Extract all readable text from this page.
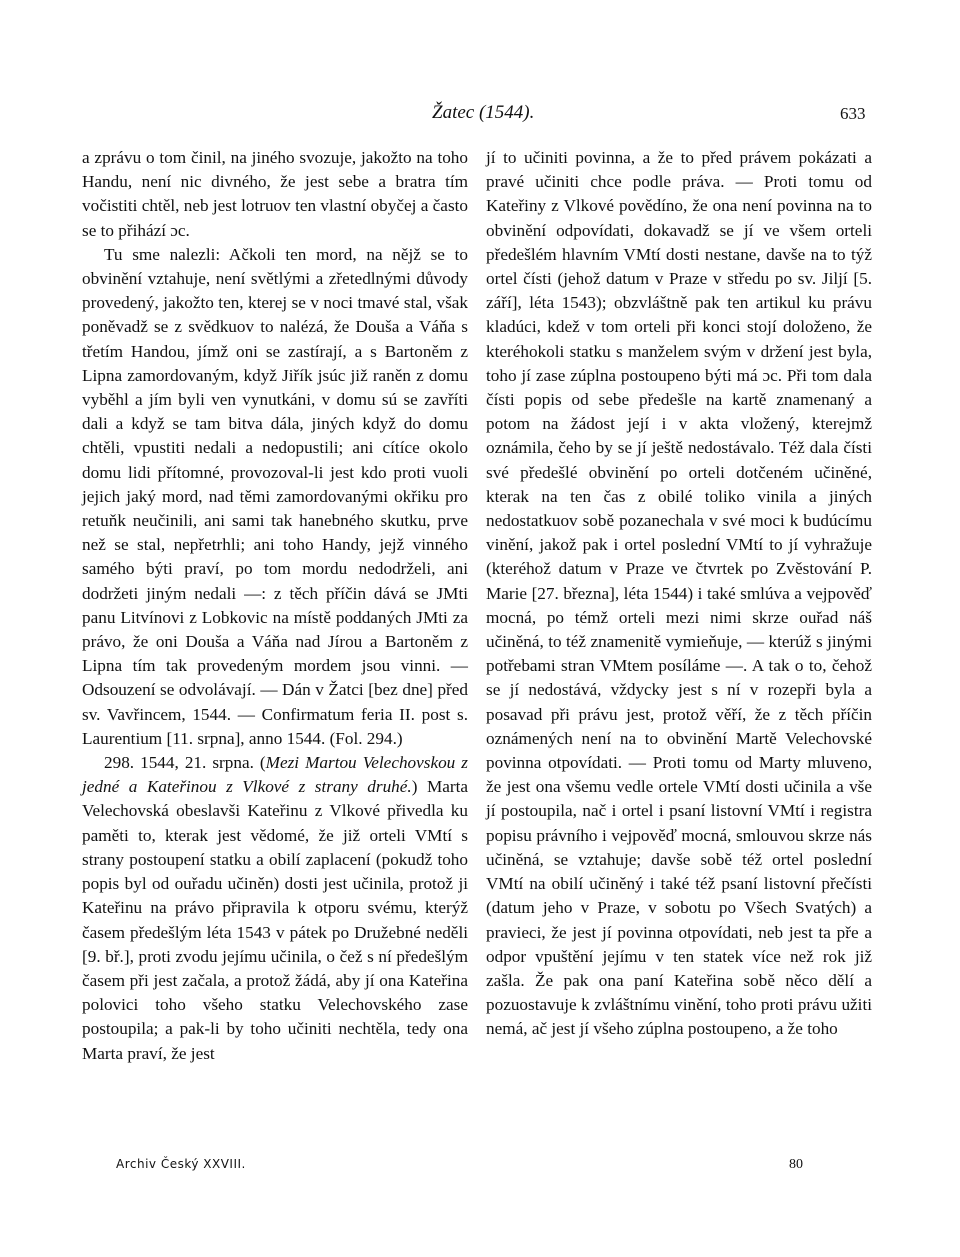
Žatec (1544).	633

a zprávu o tom činil, na jiného svozuje, jakožto na toho Handu, není nic divného, že jest sebe a bratra tím vočistiti chtěl, neb jest lotruov ten vlastní obyčej a často se to přihází ɔc.

Tu sme nalezli: Ačkoli ten mord, na nějž se to obvinění vztahuje, není světlými a zřetedlnými důvody provedený, jakožto ten, kterej se v noci tmavé stal, však poněvadž se z svědkuov to nalézá, že Douša a Váňa s třetím Handou, jímž oni se zastírají, a s Bartoněm z Lipna zamordovaným, když Jiřík jsúc již raněn z domu vyběhl a jím byli ven vynutkáni, v domu sú se zavříti dali a když se tam bitva dála, jiných když do domu chtěli, vpustiti nedali a nedopustili; ani cítíce okolo domu lidi přítomné, provozoval-li jest kdo proti vuoli jejich jaký mord, nad těmi zamordovanými okřiku pro retuňk neučinili, ani sami tak hanebného skutku, prve než se stal, nepřetrhli; ani toho Handy, jejž vinného samého býti praví, po tom mordu nedodrželi, ani dodržeti jiným nedali —: z těch příčin dává se JMti panu Litvínovi z Lobkovic na místě poddaných JMti za právo, že oni Douša a Váňa nad Jírou a Bartoněm z Lipna tím tak provedeným mordem jsou vinni. — Odsouzení se odvolávají. — Dán v Žatci [bez dne] před sv. Vavřincem, 1544. — Confirmatum feria II. post s. Laurentium [11. srpna], anno 1544. (Fol. 294.)

298. 1544, 21. srpna. (Mezi Martou Velechovskou z jedné a Kateřinou z Vlkové z strany druhé.) Marta Velechovská obeslavši Kateřinu z Vlkové přivedla ku paměti to, kterak jest vědomé, že již orteli VMtí s strany postoupení statku a obilí zaplacení (pokudž toho popis byl od ouřadu učiněn) dosti jest učinila, protož ji Kateřinu na právo připravila k otporu svému, kterýž časem předešlým léta 1543 v pátek po Družebné neděli [9. bř.], proti zvodu jejímu učinila, o čež s ní předešlým časem při jest začala, a protož žádá, aby jí ona Kateřina polovici toho všeho statku Velechovského zase postoupila; a pak-li by toho učiniti nechtěla, tedy ona Marta praví, že jest

jí to učiniti povinna, a že to před právem pokázati a pravé učiniti chce podle práva. — Proti tomu od Kateřiny z Vlkové povědíno, že ona není povinna na to obvinění odpovídati, dokavadž se jí ve všem orteli předešlém hlavním VMtí dosti nestane, davše na to týž ortel čísti (jehož datum v Praze v středu po sv. Jiljí [5. září], léta 1543); obzvláštně pak ten artikul ku právu kladúci, kdež v tom orteli při konci stojí doloženo, že kteréhokoli statku s manželem svým v držení jest byla, toho jí zase zúplna postoupeno býti má ɔc. Při tom dala čísti popis od sebe předešle na kartě znamenaný a potom na žádost její i v akta vložený, kterejmž oznámila, čeho by se jí ještě nedostávalo. Též dala čísti své předešlé obvinění po orteli dotčeném učiněné, kterak na ten čas z obilé toliko vinila a jiných nedostatkuov sobě pozanechala v své moci k budúcímu vinění, jakož pak i ortel poslední VMtí to jí vyhražuje (kteréhož datum v Praze ve čtvrtek po Zvěstování P. Marie [27. března], léta 1544) i také smlúva a vejpověď mocná, po témž orteli mezi nimi skrze ouřad náš učiněná, to též znamenitě vymieňuje, — kterúž s jinými potřebami stran VMtem posíláme —. A tak o to, čehož se jí nedostává, vždycky jest s ní v rozepři byla a posavad při právu jest, protož věří, že z těch příčin oznámených není na to obvinění Martě Velechovské povinna otpovídati. — Proti tomu od Marty mluveno, že jest ona všemu vedle ortele VMtí dosti učinila a vše jí postoupila, nač i ortel i psaní listovní VMtí i registra popisu právního i vejpověď mocná, smlouvou skrze nás učiněná, se vztahuje; davše sobě též ortel poslední VMtí na obilí učiněný i také též psaní listovní přečísti (datum jeho v Praze, v sobotu po Všech Svatých) a pravieci, že jest jí povinna otpovídati, neb jest ta pře a odpor vpuštění jejímu v ten statek více než rok již zašla. Že pak ona paní Kateřina sobě něco dělí a pozuostavuje k zvláštnímu vinění, toho proti právu užiti nemá, ač jest jí všeho zúplna postoupeno, a že toho

Archiv Český XXVIII.	80
